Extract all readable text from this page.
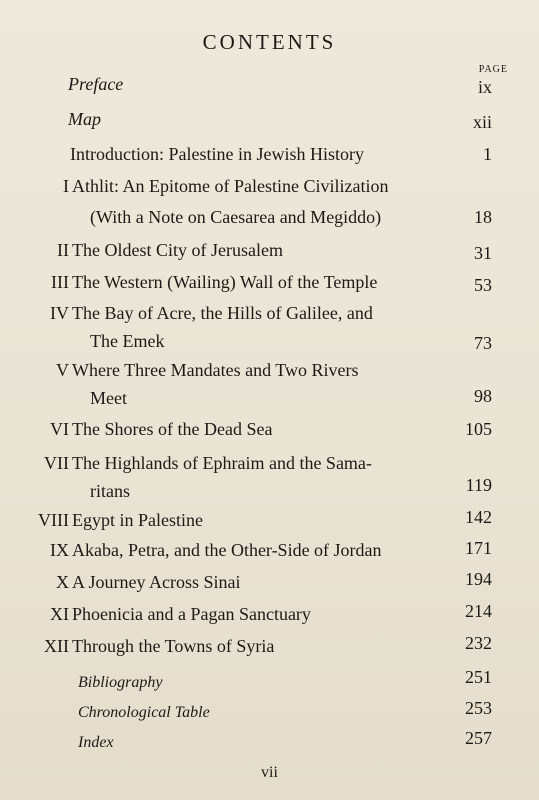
CONTENTS
PAGE
Preface	ix
Map	xii
Introduction: Palestine in Jewish History	1
I Athlit: An Epitome of Palestine Civilization
(With a Note on Caesarea and Megiddo)	18
II The Oldest City of Jerusalem	31
III The Western (Wailing) Wall of the Temple	53
IV The Bay of Acre, the Hills of Galilee, and
The Emek	73
V Where Three Mandates and Two Rivers
Meet	98
VI The Shores of the Dead Sea	105
VII The Highlands of Ephraim and the Sama-
ritans	119
VIII Egypt in Palestine	142
IX Akaba, Petra, and the Other-Side of Jordan	171
X A Journey Across Sinai	194
XI Phoenicia and a Pagan Sanctuary	214
XII Through the Towns of Syria	232
Bibliography	251
Chronological Table	253
Index	257
vii
